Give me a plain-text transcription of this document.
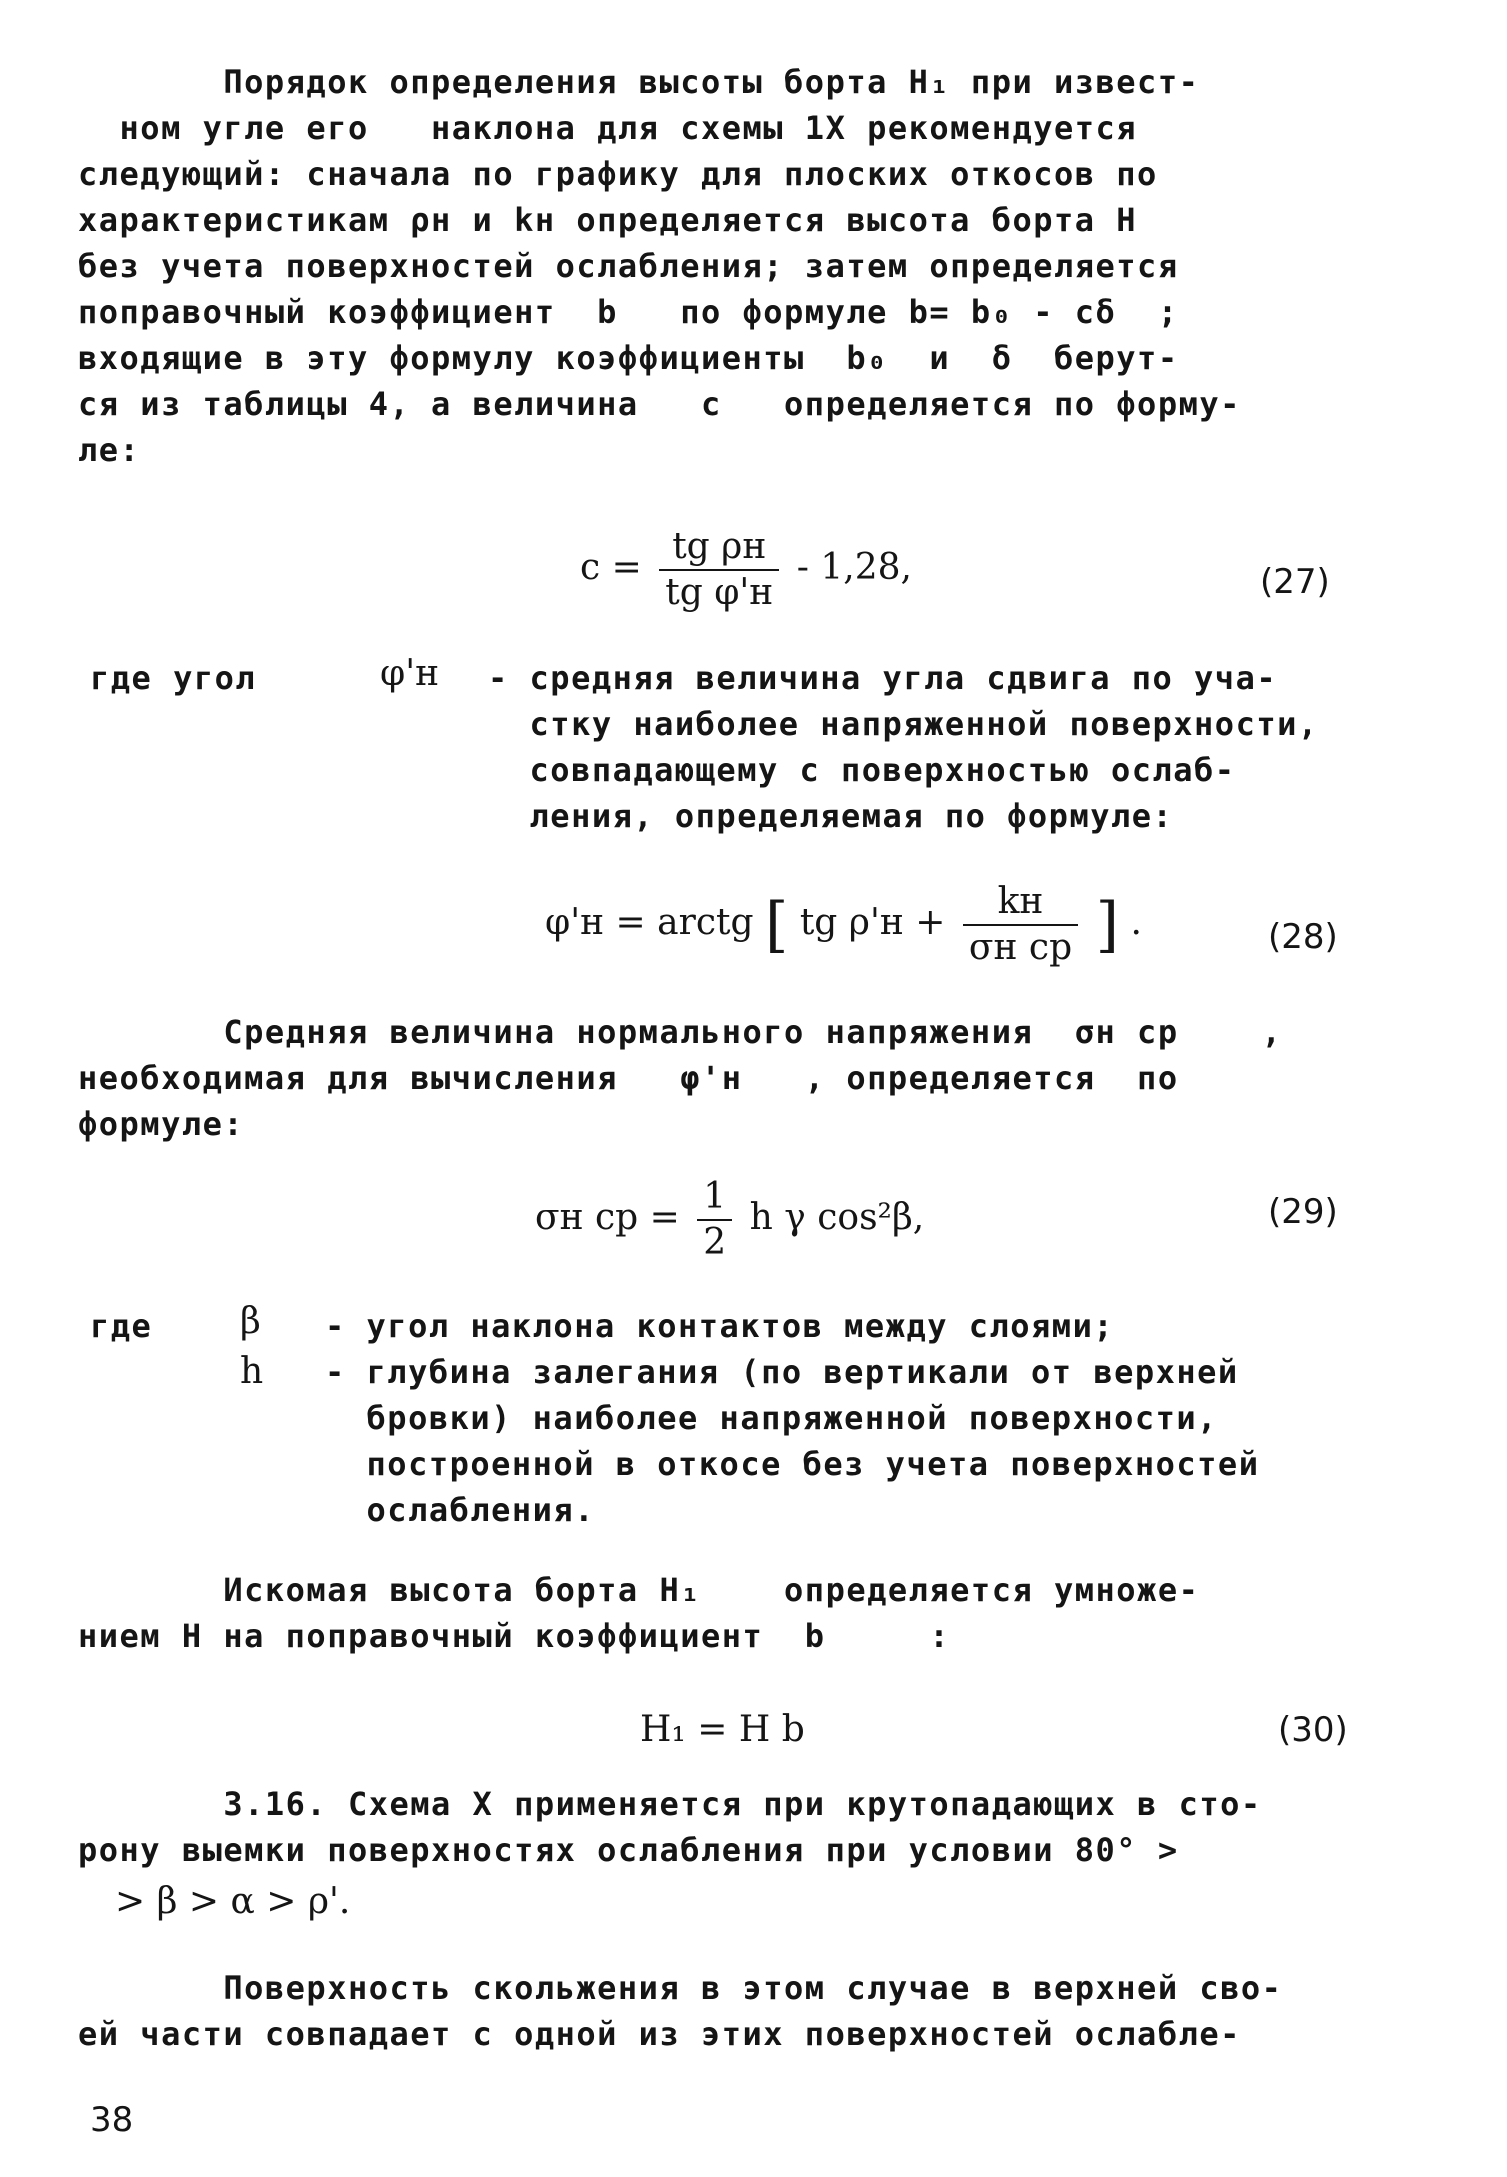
Порядок определения высоты борта H₁ при извест-
ном угле его   наклона для схемы 1X рекомендуется
следующий: сначала по графику для плоских откосов по
характеристикам ρн и kн определяется высота борта H
без учета поверхностей ослабления; затем определяется
поправочный коэффициент  b   по формуле b= b₀ - cδ  ;
входящие в эту формулу коэффициенты  b₀  и  δ  берут-
ся из таблицы 4, а величина   c   определяется по форму-
ле:
$c = \frac{\text{tg ρн}}{\text{tg φ'н}} - 1,28$,	(27)
где угол	φ'н - средняя величина угла сдвига по уча-
стку наиболее напряженной поверхности,
совпадающему с поверхностью ослаб-
ления, определяемая по формуле:
φ'н = arctg [ tg $\rho'н + \frac{kн}{\text{σн ср}}$ ] .	(28)
Средняя величина нормального напряжения  σн ср    ,
необходимая для вычисления   φ'н   , определяется  по
формуле:
σн ср = $\frac{1}{2}$ h γ cos²β,	(29)
где β - угол наклона контактов между слоями;
h - глубина залегания (по вертикали от верхней
бровки) наиболее напряженной поверхности,
построенной в откосе без учета поверхностей
ослабления.
Искомая высота борта H₁    определяется умноже-
нием H на поправочный коэффициент  b     :
H₁ = H b	(30)
3.16. Схема X применяется при крутопадающих в сто-
рону выемки поверхностях ослабления при условии 80° >
> β > α > ρ'.
Поверхность скольжения в этом случае в верхней сво-
ей части совпадает с одной из этих поверхностей ослабле-
38
